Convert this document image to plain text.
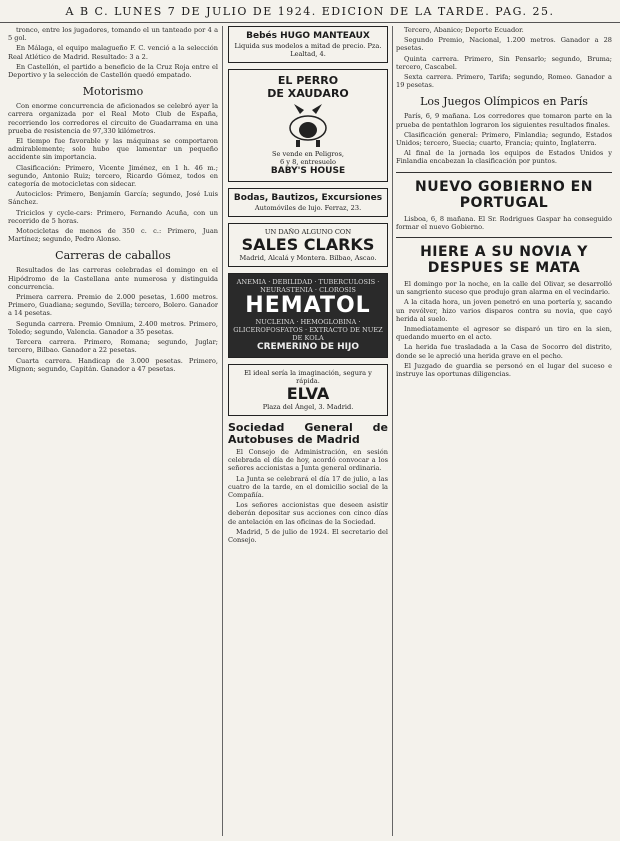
A B C. LUNES 7 DE JULIO DE 1924. EDICION DE LA TARDE. PAG. 25.

tronco, entre los jugadores, tomando el un tanteado por 4 a 5 gol.

En Málaga, el equipo malagueño F. C. venció a la selección Real Atlético de Madrid. Resultado: 3 a 2.

En Castellón, el partido a beneficio de la Cruz Roja entre el Deportivo y la selección de Castellón quedó empatado.

Motorismo

Con enorme concurrencia de aficionados se celebró ayer la carrera organizada por el Real Moto Club de España, recorriendo los corredores el circuito de Guadarrama en una prueba de resistencia de 97,330 kilómetros.

El tiempo fue favorable y las máquinas se comportaron admirablemente; solo hubo que lamentar un pequeño accidente sin importancia.

Clasificación: Primero, Vicente Jiménez, en 1 h. 46 m.; segundo, Antonio Ruiz; tercero, Ricardo Gómez, todos en categoría de motocicletas con sidecar.

Autociclos: Primero, Benjamín García; segundo, José Luis Sánchez.

Triciclos y cycle-cars: Primero, Fernando Acuña, con un recorrido de 5 horas.

Motocicletas de menos de 350 c. c.: Primero, Juan Martínez; segundo, Pedro Alonso.

Carreras de caballos

Resultados de las carreras celebradas el domingo en el Hipódromo de la Castellana ante numerosa y distinguida concurrencia.

Primera carrera. Premio de 2.000 pesetas, 1.600 metros. Primero, Guadiana; segundo, Sevilla; tercero, Bolero. Ganador a 14 pesetas.

Segunda carrera. Premio Omnium, 2.400 metros. Primero, Toledo; segundo, Valencia. Ganador a 35 pesetas.

Tercera carrera. Primero, Romana; segundo, Juglar; tercero, Bilbao. Ganador a 22 pesetas.

Cuarta carrera. Handicap de 3.000 pesetas. Primero, Mignon; segundo, Capitán. Ganador a 47 pesetas.

Bebés HUGO MANTEAUX
Liquida sus modelos a mitad de precio. Pza. Lealtad, 4.
EL PERRO
DE XAUDARO
Se vende en Peligros,
6 y 8, entresuelo
BABY'S HOUSE
Bodas, Bautizos, Excursiones
Automóviles de lujo. Ferraz, 23.
UN DAÑO ALGUNO CON
SALES CLARKS
Madrid, Alcalá y Montera. Bilbao, Ascao.
ANEMIA · DEBILIDAD · TUBERCULOSIS · NEURASTENIA · CLOROSIS
HEMATOL
NUCLEINA · HEMOGLOBINA · GLICEROFOSFATOS · EXTRACTO DE NUEZ DE KOLA
CREMERINO DE HIJO
El ideal sería la imaginación, segura y rápida.
ELVA
Plaza del Ángel, 3. Madrid.
Sociedad General de Autobuses de Madrid

El Consejo de Administración, en sesión celebrada el día de hoy, acordó convocar a los señores accionistas a Junta general ordinaria.

La Junta se celebrará el día 17 de julio, a las cuatro de la tarde, en el domicilio social de la Compañía.

Los señores accionistas que deseen asistir deberán depositar sus acciones con cinco días de antelación en las oficinas de la Sociedad.

Madrid, 5 de julio de 1924. El secretario del Consejo.

Tercero, Abanico; Deporte Ecuador.

Segundo Premio, Nacional, 1.200 metros. Ganador a 28 pesetas.

Quinta carrera. Primero, Sin Pensarlo; segundo, Bruma; tercero, Cascabel.

Sexta carrera. Primero, Tarifa; segundo, Romeo. Ganador a 19 pesetas.

Los Juegos Olímpicos en París

París, 6, 9 mañana. Los corredores que tomaron parte en la prueba de pentathlon lograron los siguientes resultados finales.

Clasificación general: Primero, Finlandia; segundo, Estados Unidos; tercero, Suecia; cuarto, Francia; quinto, Inglaterra.

Al final de la jornada los equipos de Estados Unidos y Finlandia encabezan la clasificación por puntos.

NUEVO GOBIERNO EN PORTUGAL

Lisboa, 6, 8 mañana. El Sr. Rodrigues Gaspar ha conseguido formar el nuevo Gobierno.

HIERE A SU NOVIA Y DESPUES SE MATA

El domingo por la noche, en la calle del Olivar, se desarrolló un sangriento suceso que produjo gran alarma en el vecindario.

A la citada hora, un joven penetró en una portería y, sacando un revólver, hizo varios disparos contra su novia, que cayó herida al suelo.

Inmediatamente el agresor se disparó un tiro en la sien, quedando muerto en el acto.

La herida fue trasladada a la Casa de Socorro del distrito, donde se le apreció una herida grave en el pecho.

El Juzgado de guardia se personó en el lugar del suceso e instruye las oportunas diligencias.
